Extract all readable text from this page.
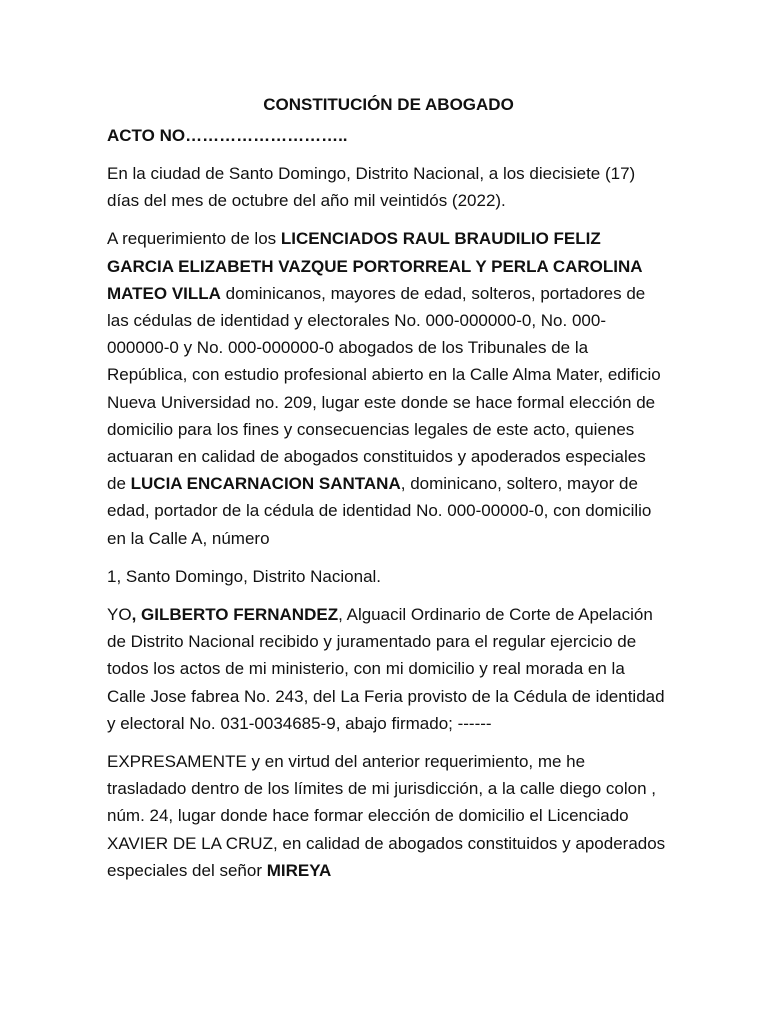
CONSTITUCIÓN DE ABOGADO
ACTO NO………………………..

En la ciudad de Santo Domingo, Distrito Nacional, a los diecisiete (17) días del mes de octubre del año mil veintidós (2022).

A requerimiento de los LICENCIADOS RAUL BRAUDILIO FELIZ GARCIA ELIZABETH VAZQUE PORTORREAL Y PERLA CAROLINA MATEO VILLA dominicanos, mayores de edad, solteros, portadores de las cédulas de identidad y electorales No. 000-000000-0, No. 000-000000-0 y No. 000-000000-0 abogados de los Tribunales de la República, con estudio profesional abierto en la Calle Alma Mater, edificio Nueva Universidad no. 209, lugar este donde se hace formal elección de domicilio para los fines y consecuencias legales de este acto, quienes actuaran en calidad de abogados constituidos y apoderados especiales de LUCIA ENCARNACION SANTANA, dominicano, soltero, mayor de edad, portador de la cédula de identidad No. 000-00000-0, con domicilio en la Calle A, número

1, Santo Domingo, Distrito Nacional.

YO, GILBERTO FERNANDEZ, Alguacil Ordinario de Corte de Apelación de Distrito Nacional recibido y juramentado para el regular ejercicio de todos los actos de mi ministerio, con mi domicilio y real morada en la Calle Jose fabrea No. 243, del La Feria provisto de la Cédula de identidad y electoral No. 031-0034685-9, abajo firmado; ------

EXPRESAMENTE y en virtud del anterior requerimiento, me he trasladado dentro de los límites de mi jurisdicción, a la calle diego colon , núm. 24, lugar donde hace formar elección de domicilio el Licenciado XAVIER DE LA CRUZ, en calidad de abogados constituidos y apoderados especiales del señor MIREYA
